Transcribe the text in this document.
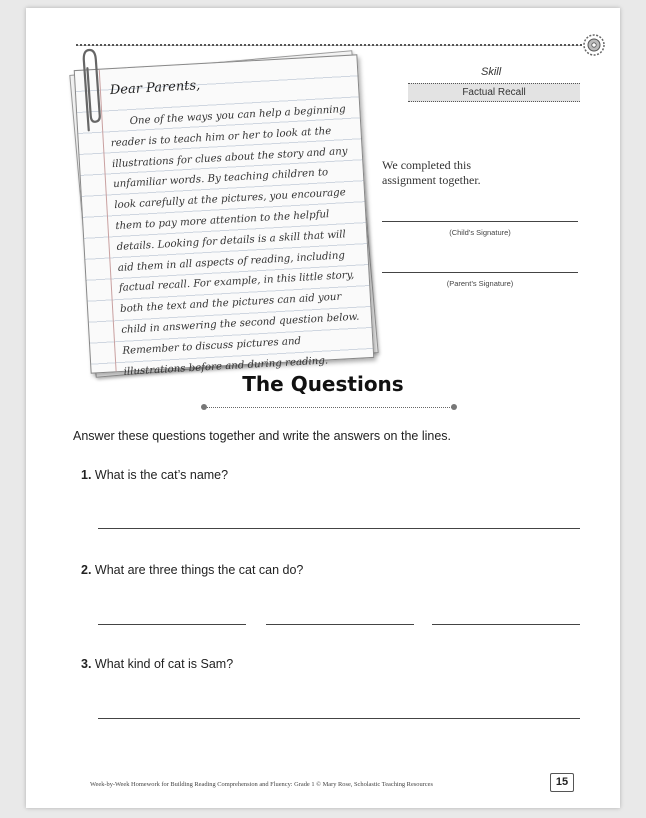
Dear Parents,

One of the ways you can help a beginning reader is to teach him or her to look at the illustrations for clues about the story and any unfamiliar words. By teaching children to look carefully at the pictures, you encourage them to pay more attention to the helpful details. Looking for details is a skill that will aid them in all aspects of reading, including factual recall. For example, in this little story, both the text and the pictures can aid your child in answering the second question below. Remember to discuss pictures and illustrations before and during reading.

Skill
Factual Recall
We completed this assignment together.
(Child’s Signature)
(Parent’s Signature)
The Questions
Answer these questions together and write the answers on the lines.
1. What is the cat’s name?
2. What are three things the cat can do?
3. What kind of cat is Sam?
Week-by-Week Homework for Building Reading Comprehension and Fluency: Grade 1 © Mary Rose, Scholastic Teaching Resources	15
